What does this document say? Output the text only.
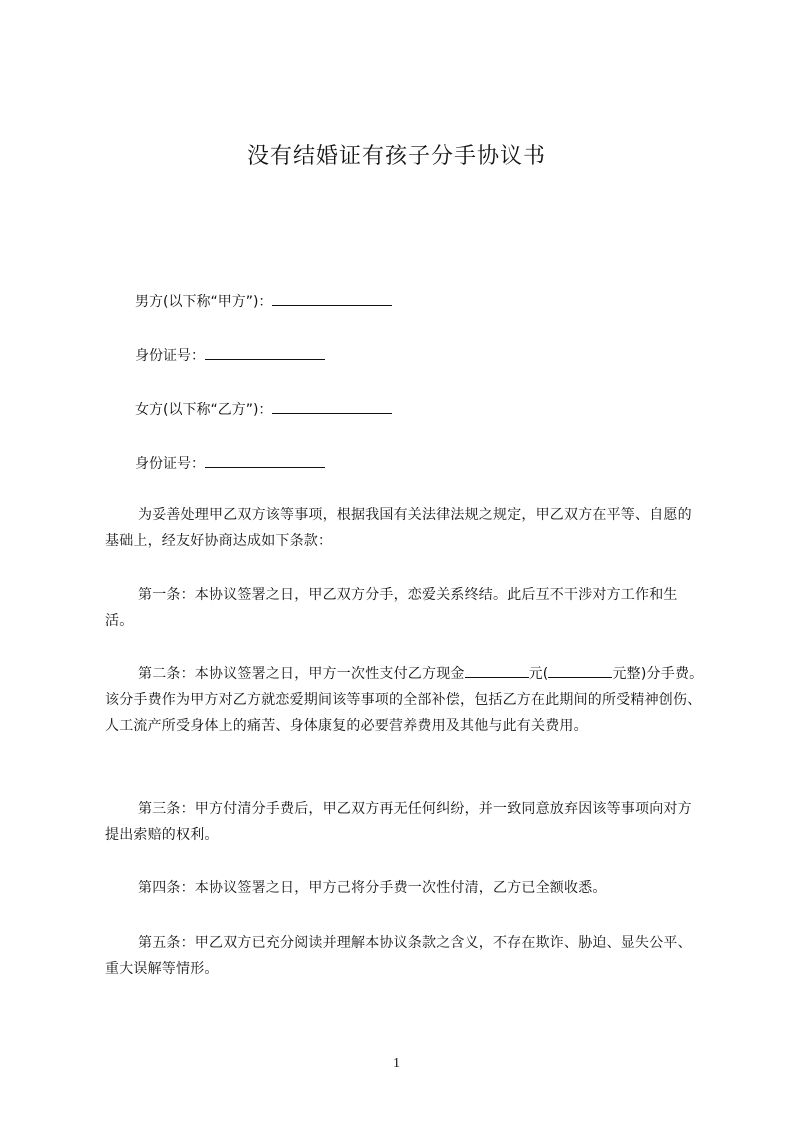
没有结婚证有孩子分手协议书
男方(以下称“甲方”)：
身份证号：
女方(以下称“乙方”)：
身份证号：
为妥善处理甲乙双方该等事项，根据我国有关法律法规之规定，甲乙双方在平等、自愿的基础上，经友好协商达成如下条款：
第一条：本协议签署之日，甲乙双方分手，恋爱关系终结。此后互不干涉对方工作和生活。
第二条：本协议签署之日，甲方一次性支付乙方现金	元(	元整)分手费。该分手费作为甲方对乙方就恋爱期间该等事项的全部补偿，包括乙方在此期间的所受精神创伤、人工流产所受身体上的痛苦、身体康复的必要营养费用及其他与此有关费用。
第三条：甲方付清分手费后，甲乙双方再无任何纠纷，并一致同意放弃因该等事项向对方提出索赔的权利。
第四条：本协议签署之日，甲方己将分手费一次性付清，乙方已全额收悉。
第五条：甲乙双方已充分阅读并理解本协议条款之含义，不存在欺诈、胁迫、显失公平、重大误解等情形。
1
